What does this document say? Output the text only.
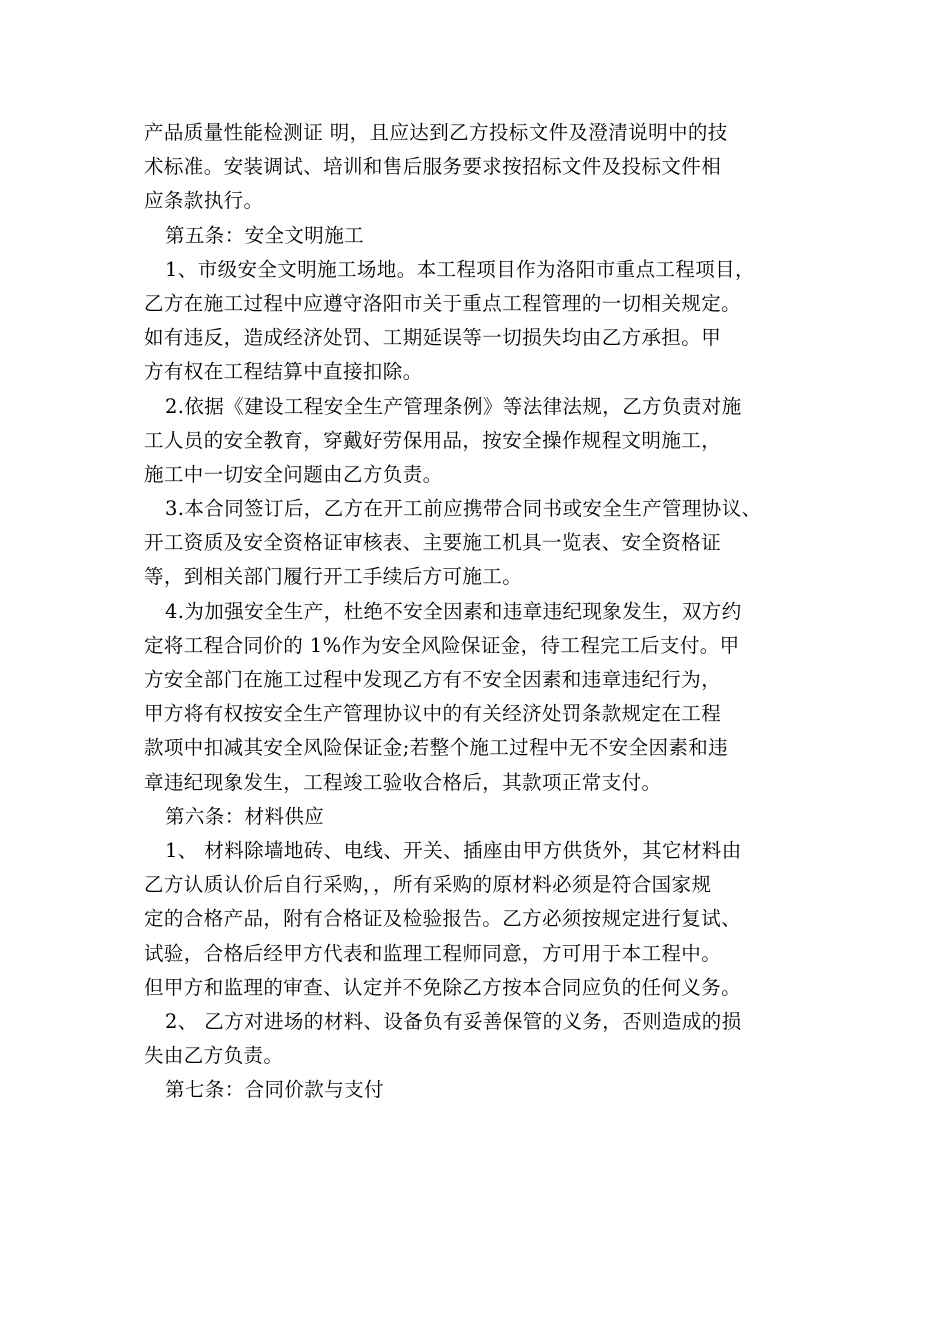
产品质量性能检测证 明，且应达到乙方投标文件及澄清说明中的技
术标准。安装调试、培训和售后服务要求按招标文件及投标文件相
应条款执行。
第五条：安全文明施工
1、市级安全文明施工场地。本工程项目作为洛阳市重点工程项目，
乙方在施工过程中应遵守洛阳市关于重点工程管理的一切相关规定。
如有违反，造成经济处罚、工期延误等一切损失均由乙方承担。甲
方有权在工程结算中直接扣除。
2.依据《建设工程安全生产管理条例》等法律法规，乙方负责对施
工人员的安全教育，穿戴好劳保用品，按安全操作规程文明施工，
施工中一切安全问题由乙方负责。
3.本合同签订后，乙方在开工前应携带合同书或安全生产管理协议、
开工资质及安全资格证审核表、主要施工机具一览表、安全资格证
等，到相关部门履行开工手续后方可施工。
4.为加强安全生产，杜绝不安全因素和违章违纪现象发生，双方约
定将工程合同价的 1%作为安全风险保证金，待工程完工后支付。甲
方安全部门在施工过程中发现乙方有不安全因素和违章违纪行为，
甲方将有权按安全生产管理协议中的有关经济处罚条款规定在工程
款项中扣减其安全风险保证金;若整个施工过程中无不安全因素和违
章违纪现象发生，工程竣工验收合格后，其款项正常支付。
第六条：材料供应
1、 材料除墙地砖、电线、开关、插座由甲方供货外，其它材料由
乙方认质认价后自行采购，，所有采购的原材料必须是符合国家规
定的合格产品，附有合格证及检验报告。乙方必须按规定进行复试、
试验，合格后经甲方代表和监理工程师同意，方可用于本工程中。
但甲方和监理的审查、认定并不免除乙方按本合同应负的任何义务。
2、 乙方对进场的材料、设备负有妥善保管的义务，否则造成的损
失由乙方负责。
第七条：合同价款与支付
